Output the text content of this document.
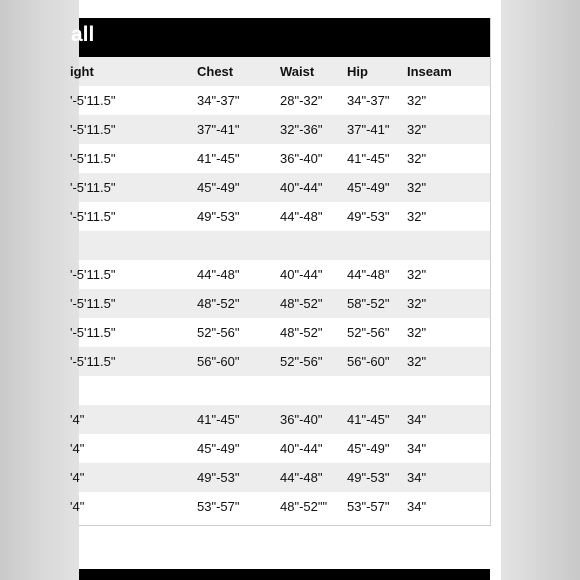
all
ight	Chest	Waist	Hip	Inseam
'-5'11.5"	34"-37"	28"-32" 34"-37" 32"
'-5'11.5"	37"-41"	32"-36" 37"-41" 32"
'-5'11.5"	41"-45"	36"-40" 41"-45" 32"
'-5'11.5"	45"-49"	40"-44" 45"-49" 32"
'-5'11.5"	49"-53"	44"-48" 49"-53" 32"
'-5'11.5"	44"-48"	40"-44" 44"-48" 32"
'-5'11.5"	48"-52"	48"-52" 58"-52" 32"
'-5'11.5"	52"-56"	48"-52" 52"-56" 32"
'-5'11.5"	56"-60"	52"-56" 56"-60" 32"
'4"	41"-45"	36"-40" 41"-45" 34"
'4"	45"-49"	40"-44" 45"-49" 34"
'4"	49"-53"	44"-48" 49"-53" 34"
'4"	53"-57"	48"-52"" 53"-57" 34"
